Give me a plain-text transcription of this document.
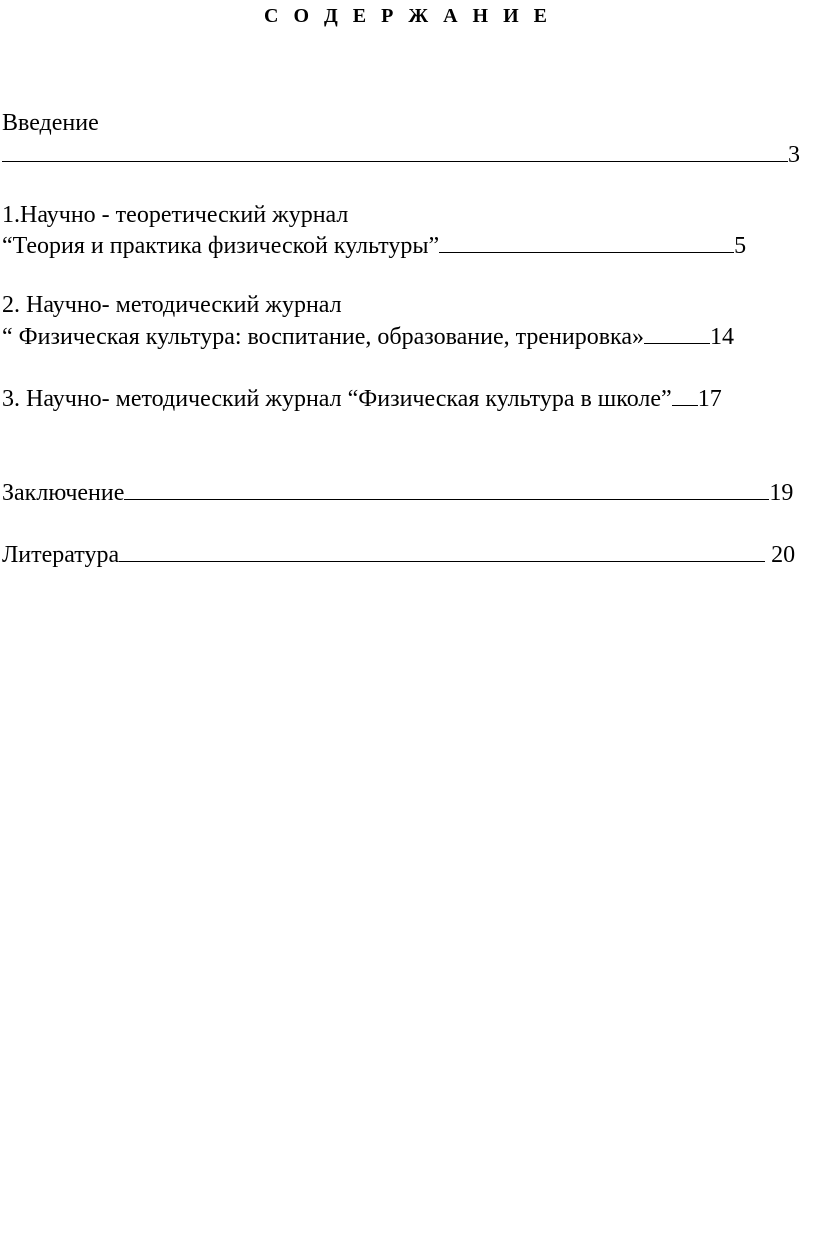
С О Д Е Р Ж А Н И Е
Введение
3
1.Научно - теоретический журнал
“Теория и практика физической культуры”	5
2. Научно- методический журнал
“ Физическая культура: воспитание, образование, тренировка»	14
3. Научно- методический журнал “Физическая культура в школе” 17
Заключение	19
Литература	20
